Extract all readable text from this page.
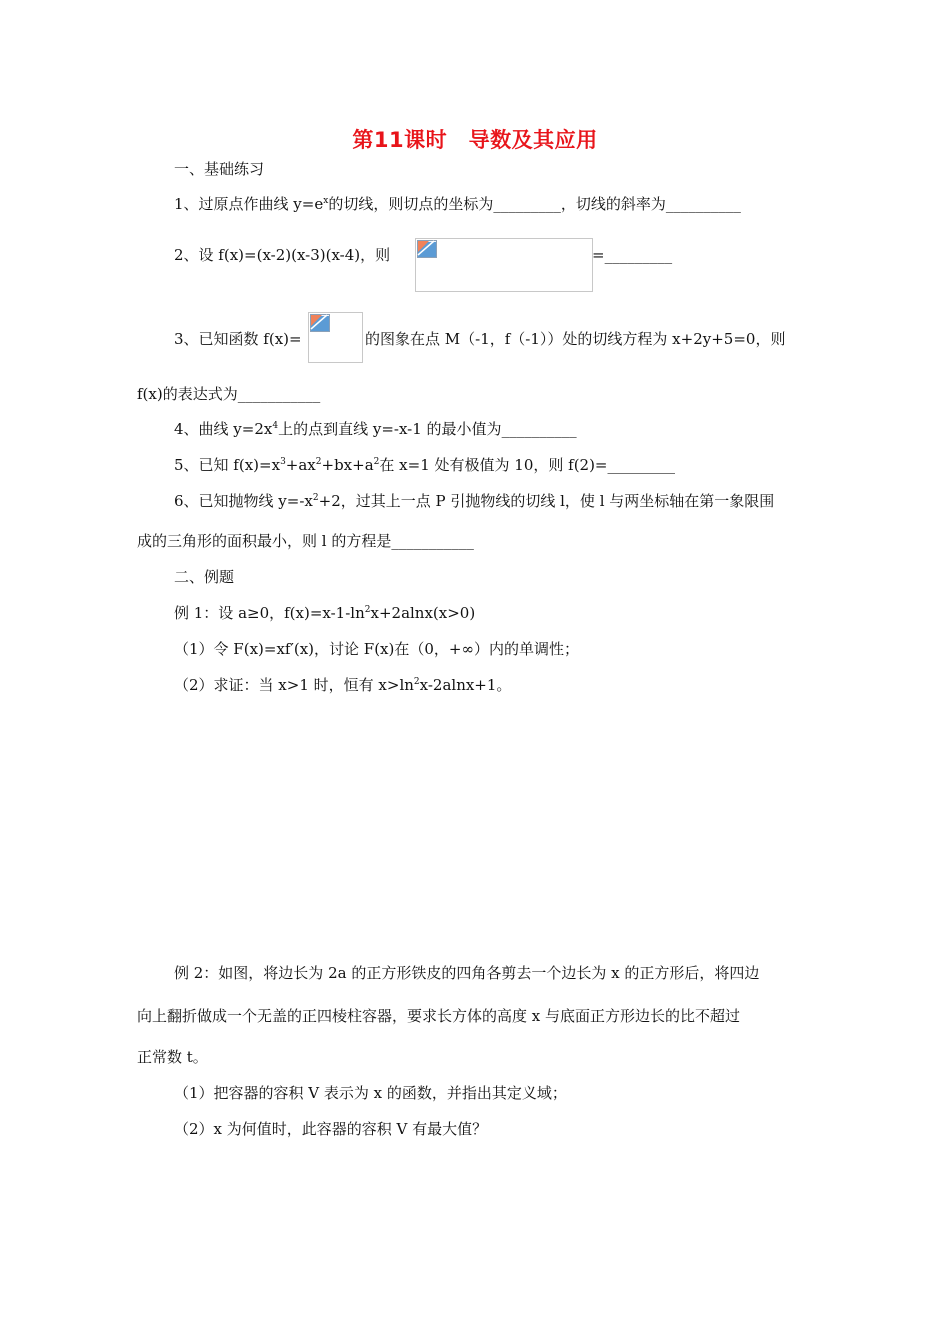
第11课时　导数及其应用
一、基础练习
1、过原点作曲线 $y=e^x$的切线，则切点的坐标为_________，切线的斜率为__________
2、设 f(x)=(x-2)(x-3)(x-4)，则	=_________
3、已知函数 f(x)=	的图象在点 M（-1，f（-1））处的切线方程为 x+2y+5=0，则
f(x)的表达式为___________
4、曲线 $y=2x^4$上的点到直线 y=-x-1 的最小值为__________
5、已知 $f(x)=x^3+ax^2+bx+a^2$在 x=1 处有极值为 10，则 f(2)=_________
6、已知抛物线 $y=-x^2+2$，过其上一点 P 引抛物线的切线 l，使 l 与两坐标轴在第一象限围
成的三角形的面积最小，则 l 的方程是___________
二、例题
例 1：设 a≥0，$f(x)=x-1-\ln^2x+2alnx(x>0)$
（1）令 F(x)=xf′(x)，讨论 F(x)在（0，+∞）内的单调性；
（2）求证：当 x>1 时，恒有 $x>\ln^2x-2alnx+1$。
例 2：如图，将边长为 2a 的正方形铁皮的四角各剪去一个边长为 x 的正方形后，将四边
向上翻折做成一个无盖的正四棱柱容器，要求长方体的高度 x 与底面正方形边长的比不超过
正常数 t。
（1）把容器的容积 V 表示为 x 的函数，并指出其定义域；
（2）x 为何值时，此容器的容积 V 有最大值？
